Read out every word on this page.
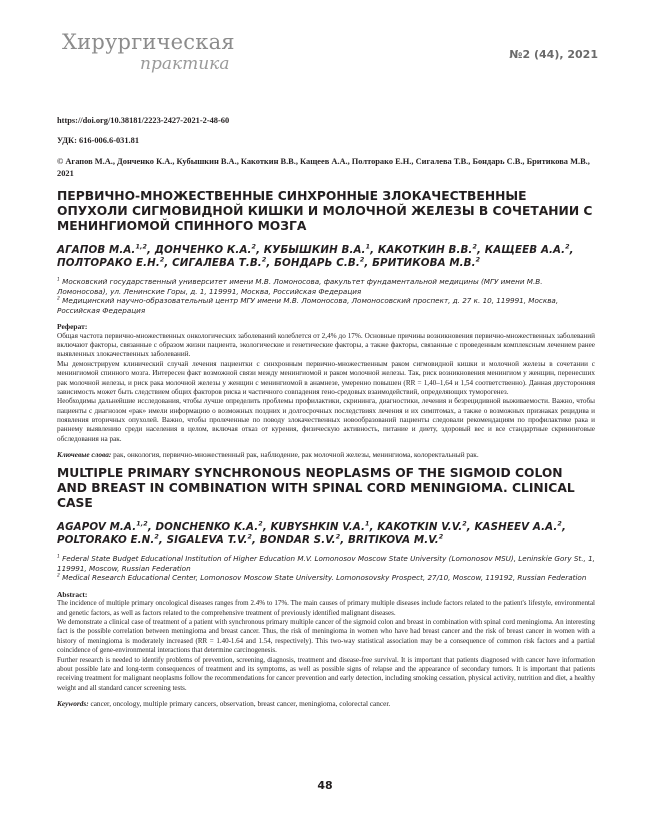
Хирургическая
практика	№2 (44), 2021
https://doi.org/10.38181/2223-2427-2021-2-48-60
УДК: 616-006.6-031.81
© Агапов М.А., Донченко К.А., Кубышкин В.А., Какоткин В.В., Кащеев А.А., Полторако Е.Н., Сигалева Т.В., Бондарь С.В., Бритикова М.В., 2021
ПЕРВИЧНО-МНОЖЕСТВЕННЫЕ СИНХРОННЫЕ ЗЛОКАЧЕСТВЕННЫЕ ОПУХОЛИ СИГМОВИДНОЙ КИШКИ И МОЛОЧНОЙ ЖЕЛЕЗЫ В СОЧЕТАНИИ С МЕНИНГИОМОЙ СПИННОГО МОЗГА
АГАПОВ М.А.$^{1,2}$, ДОНЧЕНКО К.А.$^2$, КУБЫШКИН В.А.$^1$, КАКОТКИН В.В.$^2$, КАЩЕЕВ А.А.$^2$, ПОЛТОРАКО Е.Н.$^2$, СИГАЛЕВА Т.В.$^2$, БОНДАРЬ С.В.$^2$, БРИТИКОВА М.В.$^2$
$^1$ Московский государственный университет имени М.В. Ломоносова, факультет фундаментальной медицины (МГУ имени М.В. Ломоносова), ул. Ленинские Горы, д. 1, 119991, Москва, Российская Федерация
$^2$ Медицинский научно-образовательный центр МГУ имени М.В. Ломоносова, Ломоносовский проспект, д. 27 к. 10, 119991, Москва, Российская Федерация
Реферат:

Общая частота первично-множественных онкологических заболеваний колеблется от 2,4% до 17%. Основные причины возникновения первично-множественных заболеваний включают факторы, связанные с образом жизни пациента, экологические и генетические факторы, а также факторы, связанные с проведенным комплексным лечением ранее выявленных злокачественных заболеваний.

Мы демонстрируем клинический случай лечения пациентки с синхронным первично-множественным раком сигмовидной кишки и молочной железы в сочетании с менингиомой спинного мозга. Интересен факт возможной связи между менингиомой и раком молочной железы. Так, риск возникновения менингиом у женщин, перенесших рак молочной железы, и риск рака молочной железы у женщин с менингиомой в анамнезе, умеренно повышен (RR = 1,40–1,64 и 1,54 соответственно). Данная двусторонняя зависимость может быть следствием общих факторов риска и частичного совпадения гено-средовых взаимодействий, определяющих туморогенез.

Необходимы дальнейшие исследования, чтобы лучше определить проблемы профилактики, скрининга, диагностики, лечения и безрецидивной выживаемости. Важно, чтобы пациенты с диагнозом «рак» имели информацию о возможных поздних и долгосрочных последствиях лечения и их симптомах, а также о возможных признаках рецидива и появления вторичных опухолей. Важно, чтобы пролеченные по поводу злокачественных новообразований пациенты следовали рекомендациям по профилактике рака и раннему выявлению среди населения в целом, включая отказ от курения, физическую активность, питание и диету, здоровый вес и все стандартные скрининговые обследования на рак.

Ключевые слова: рак, онкология, первично-множественный рак, наблюдение, рак молочной железы, менингиома, колоректальный рак.
MULTIPLE PRIMARY SYNCHRONOUS NEOPLASMS OF THE SIGMOID COLON AND BREAST IN COMBINATION WITH SPINAL CORD MENINGIOMA. CLINICAL CASE
AGAPOV M.A.$^{1,2}$, DONCHENKO K.A.$^2$, KUBYSHKIN V.A.$^1$, KAKOTKIN V.V.$^2$, KASHEEV A.A.$^2$, POLTORAKO E.N.$^2$, SIGALEVA T.V.$^2$, BONDAR S.V.$^2$, BRITIKOVA M.V.$^2$
$^1$ Federal State Budget Educational Institution of Higher Education M.V. Lomonosov Moscow State University (Lomonosov MSU), Leninskie Gory St., 1, 119991, Moscow, Russian Federation
$^2$ Medical Research Educational Center, Lomonosov Moscow State University. Lomonosovsky Prospect, 27/10, Moscow, 119192, Russian Federation
Abstract:

The incidence of multiple primary oncological diseases ranges from 2.4% to 17%. The main causes of primary multiple diseases include factors related to the patient's lifestyle, environmental and genetic factors, as well as factors related to the comprehensive treatment of previously identified malignant diseases.

We demonstrate a clinical case of treatment of a patient with synchronous primary multiple cancer of the sigmoid colon and breast in combination with spinal cord meningioma. An interesting fact is the possible correlation between meningioma and breast cancer. Thus, the risk of meningioma in women who have had breast cancer and the risk of breast cancer in women with a history of meningioma is moderately increased (RR = 1.40-1.64 and 1.54, respectively). This two-way statistical association may be a consequence of common risk factors and a partial coincidence of gene-environmental interactions that determine carcinogenesis.

Further research is needed to identify problems of prevention, screening, diagnosis, treatment and disease-free survival. It is important that patients diagnosed with cancer have information about possible late and long-term consequences of treatment and its symptoms, as well as possible signs of relapse and the appearance of secondary tumors. It is important that patients receiving treatment for malignant neoplasms follow the recommendations for cancer prevention and early detection, including smoking cessation, physical activity, nutrition and diet, a healthy weight and all standard cancer screening tests.

Keywords: cancer, oncology, multiple primary cancers, observation, breast cancer, meningioma, colorectal cancer.
48
